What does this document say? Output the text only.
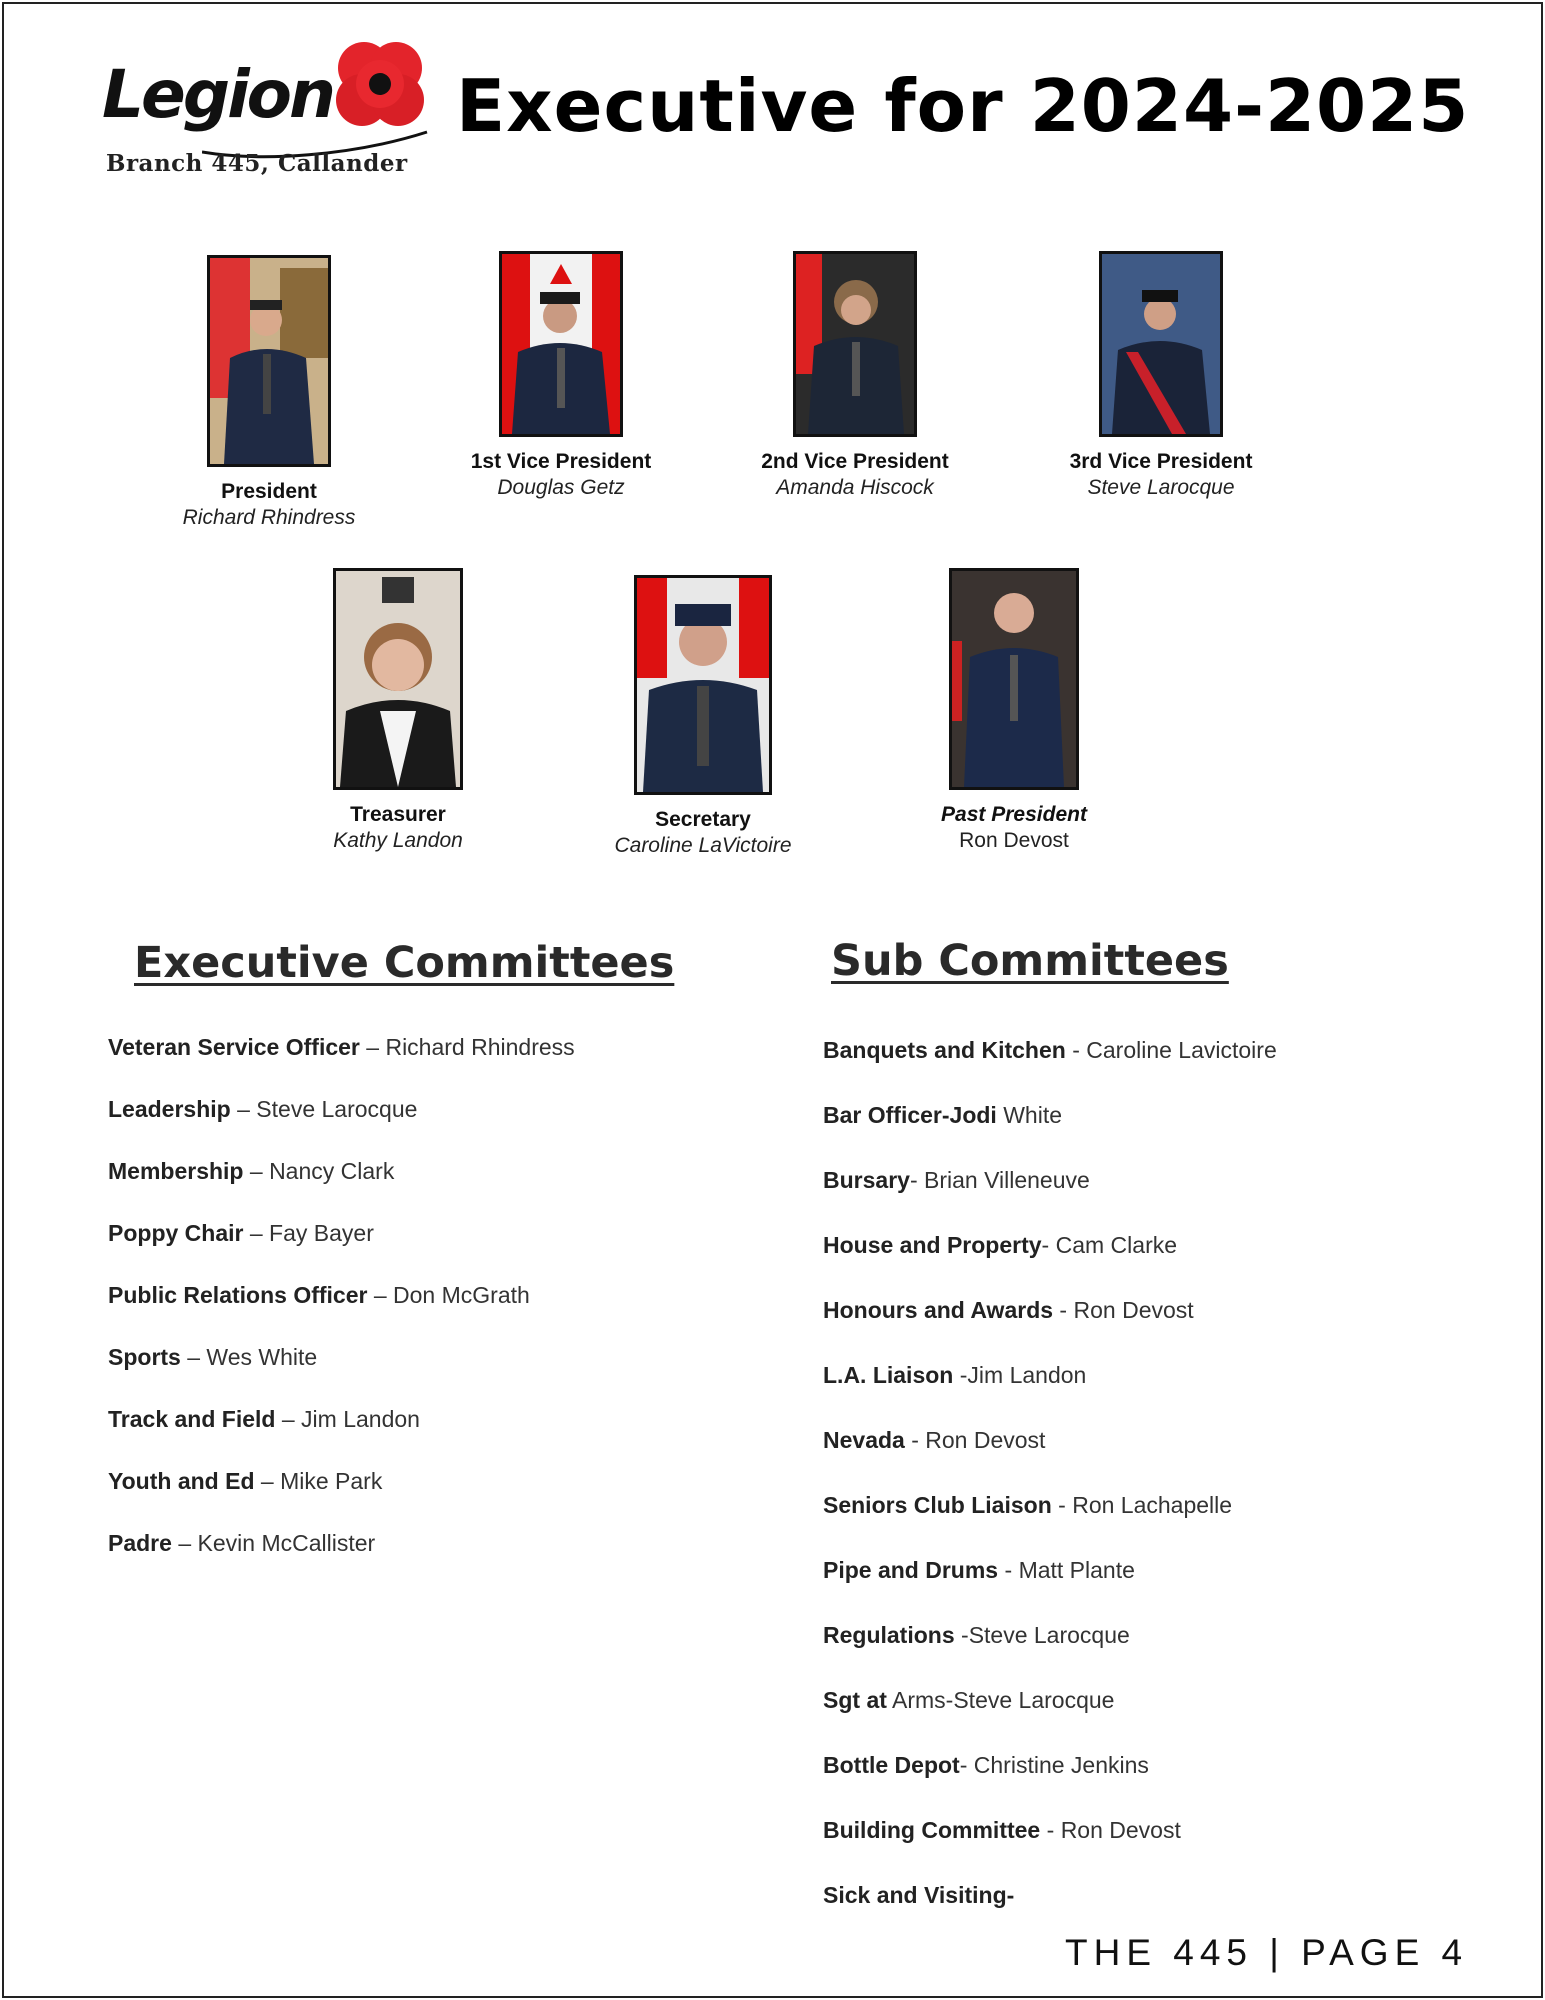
Legion
Branch 445, Callander
Executive for 2024-2025
President
Richard Rhindress
1st Vice President
Douglas Getz
2nd Vice President
Amanda Hiscock
3rd Vice President
Steve Larocque
Treasurer
Kathy Landon
Secretary
Caroline LaVictoire
Past President
Ron Devost
Executive Committees	Sub Committees
Veteran Service Officer – Richard Rhindress
Leadership – Steve Larocque
Membership – Nancy Clark
Poppy Chair – Fay Bayer
Public Relations Officer – Don McGrath
Sports – Wes White
Track and Field – Jim Landon
Youth and Ed – Mike Park
Padre – Kevin McCallister
Banquets and Kitchen - Caroline Lavictoire
Bar Officer-Jodi White
Bursary- Brian Villeneuve
House and Property- Cam Clarke
Honours and Awards - Ron Devost
L.A. Liaison -Jim Landon
Nevada - Ron Devost
Seniors Club Liaison - Ron Lachapelle
Pipe and Drums - Matt Plante
Regulations -Steve Larocque
Sgt at Arms-Steve Larocque
Bottle Depot- Christine Jenkins
Building Committee - Ron Devost
Sick and Visiting-
THE 445 | PAGE 4
